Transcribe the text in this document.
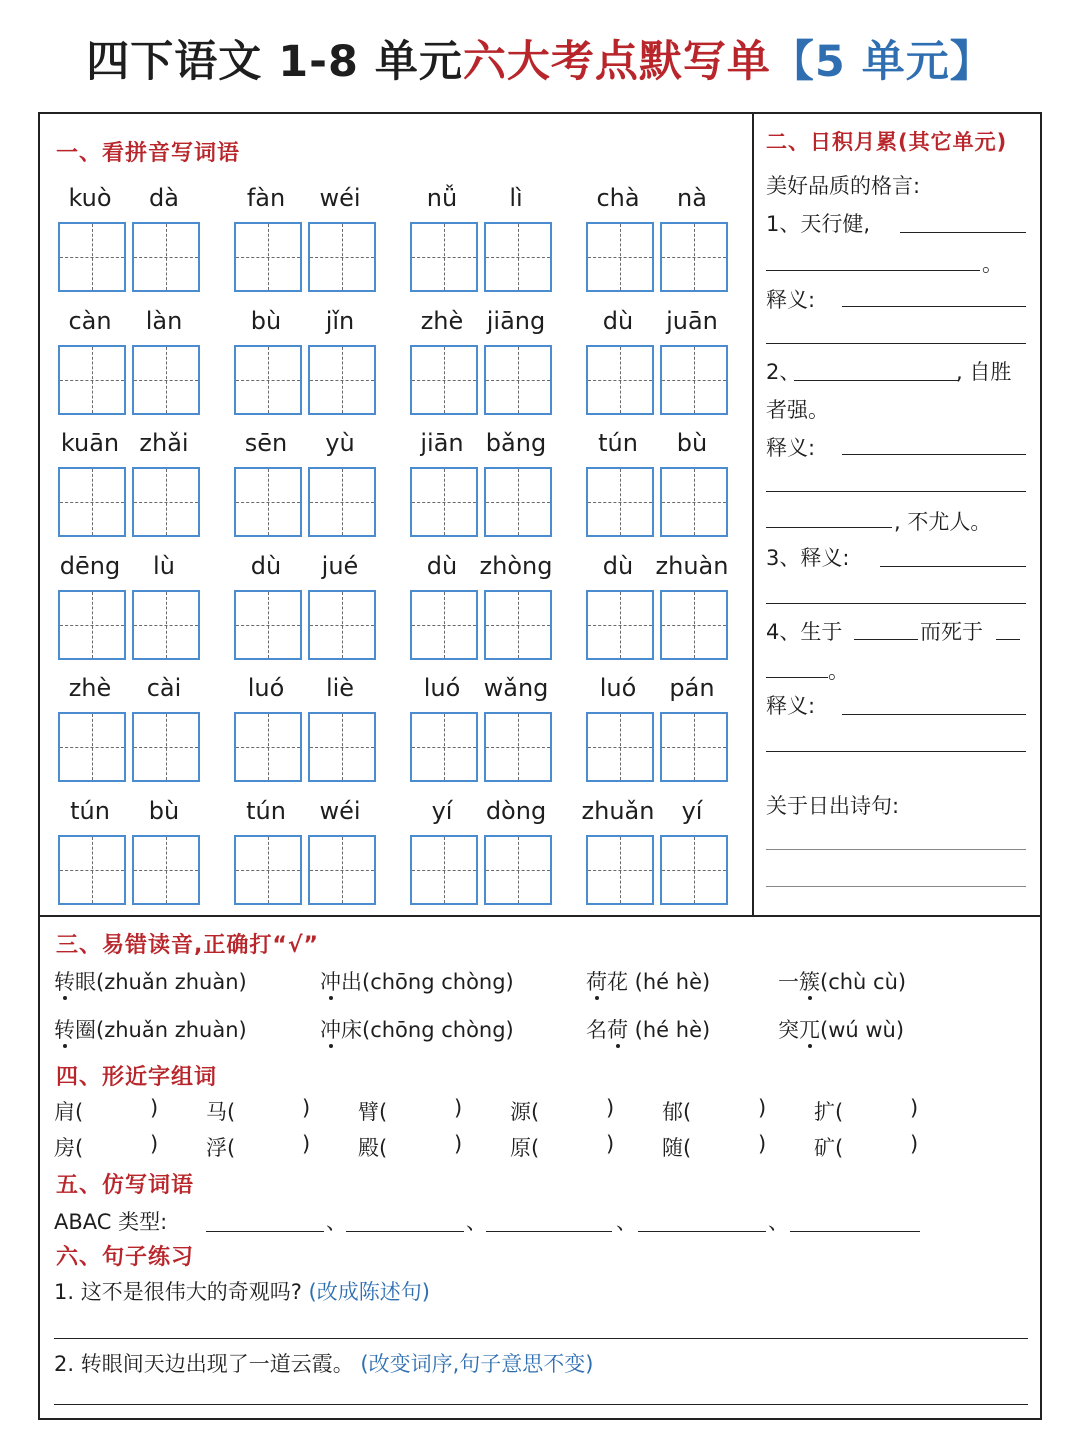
四下语文 1-8 单元六大考点默写单【5 单元】
一、看拼音写词语
kuò	dà	fàn	wéi	nǚ	lì	chà	nà
càn	làn	bù	jǐn	zhè jiāng	dù	juān
kuān zhǎi	sēn	yù	jiān bǎng	tún	bù
dēng	lù	dù	jué	dù zhòng	dù zhuàn
zhè	cài	luó	liè	luó wǎng	luó	pán
tún	bù	tún	wéi	yí	dòng	zhuǎn	yí
二、日积月累(其它单元)
美好品质的格言:
1、天行健,
。
释义:
2、	, 自胜
者强。
释义:
, 不尤人。
3、释义:
4、生于	而死于
。
释义:
关于日出诗句:
三、易错读音,正确打“√”
转眼(zhuǎn zhuàn)	冲出(chōng chòng)	荷花 (hé hè)	一簇(chù cù)
转圈(zhuǎn zhuàn)	冲床(chōng chòng)	名荷 (hé hè)	突兀(wú wù)
四、形近字组词
肩(	) 马(	) 臂(	) 源(	) 郁(	) 扩(	)
房(	) 浮(	) 殿(	) 原(	) 随(	) 矿(	)
五、仿写词语
ABAC 类型:	、	、	、	、
六、句子练习
1. 这不是很伟大的奇观吗? (改成陈述句)
2. 转眼间天边出现了一道云霞。 (改变词序,句子意思不变)
